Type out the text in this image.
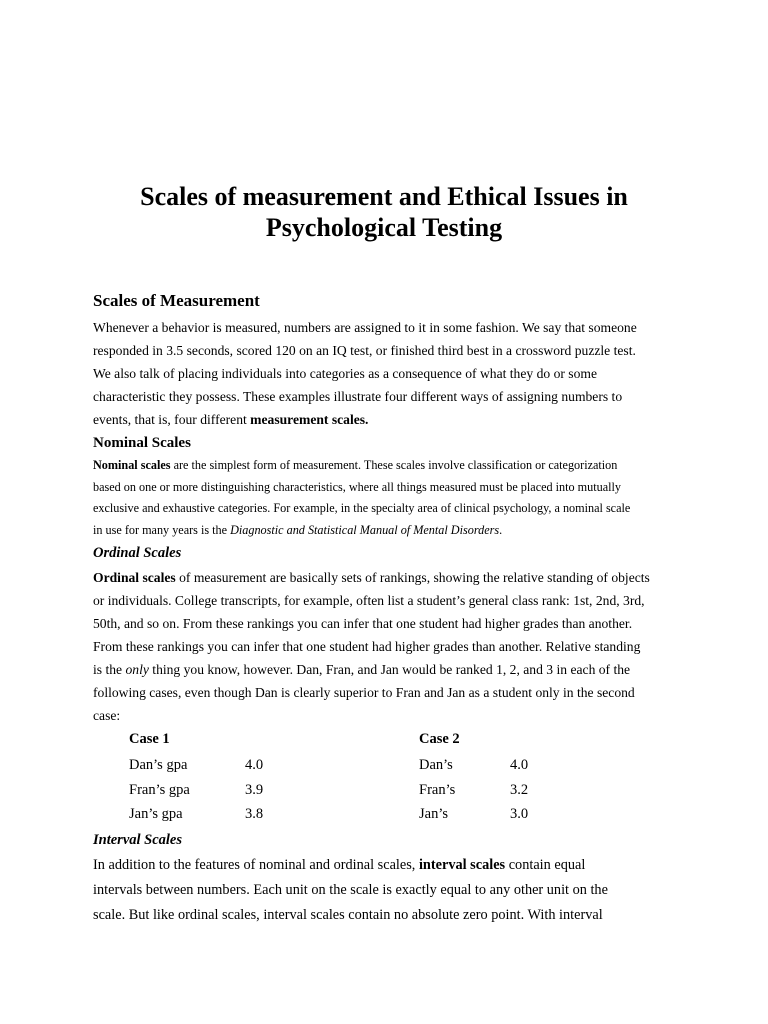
Scales of measurement and Ethical Issues in
Psychological Testing
Scales of Measurement
Whenever a behavior is measured, numbers are assigned to it in some fashion. We say that someone
responded in 3.5 seconds, scored 120 on an IQ test, or finished third best in a crossword puzzle test.
We also talk of placing individuals into categories as a consequence of what they do or some
characteristic they possess. These examples illustrate four different ways of assigning numbers to
events, that is, four different measurement scales.
Nominal Scales
Nominal scales are the simplest form of measurement. These scales involve classification or categorization
based on one or more distinguishing characteristics, where all things measured must be placed into mutually
exclusive and exhaustive categories. For example, in the specialty area of clinical psychology, a nominal scale
in use for many years is the Diagnostic and Statistical Manual of Mental Disorders.
Ordinal Scales
Ordinal scales of measurement are basically sets of rankings, showing the relative standing of objects
or individuals. College transcripts, for example, often list a student’s general class rank: 1st, 2nd, 3rd,
50th, and so on. From these rankings you can infer that one student had higher grades than another.
From these rankings you can infer that one student had higher grades than another. Relative standing
is the only thing you know, however. Dan, Fran, and Jan would be ranked 1, 2, and 3 in each of the
following cases, even though Dan is clearly superior to Fran and Jan as a student only in the second
case:
Case 1
Dan’s gpa	4.0
Fran’s gpa	3.9
Jan’s gpa	3.8
Case 2
Dan’s	4.0
Fran’s	3.2
Jan’s	3.0
Interval Scales
In addition to the features of nominal and ordinal scales, interval scales contain equal
intervals between numbers. Each unit on the scale is exactly equal to any other unit on the
scale. But like ordinal scales, interval scales contain no absolute zero point. With interval
